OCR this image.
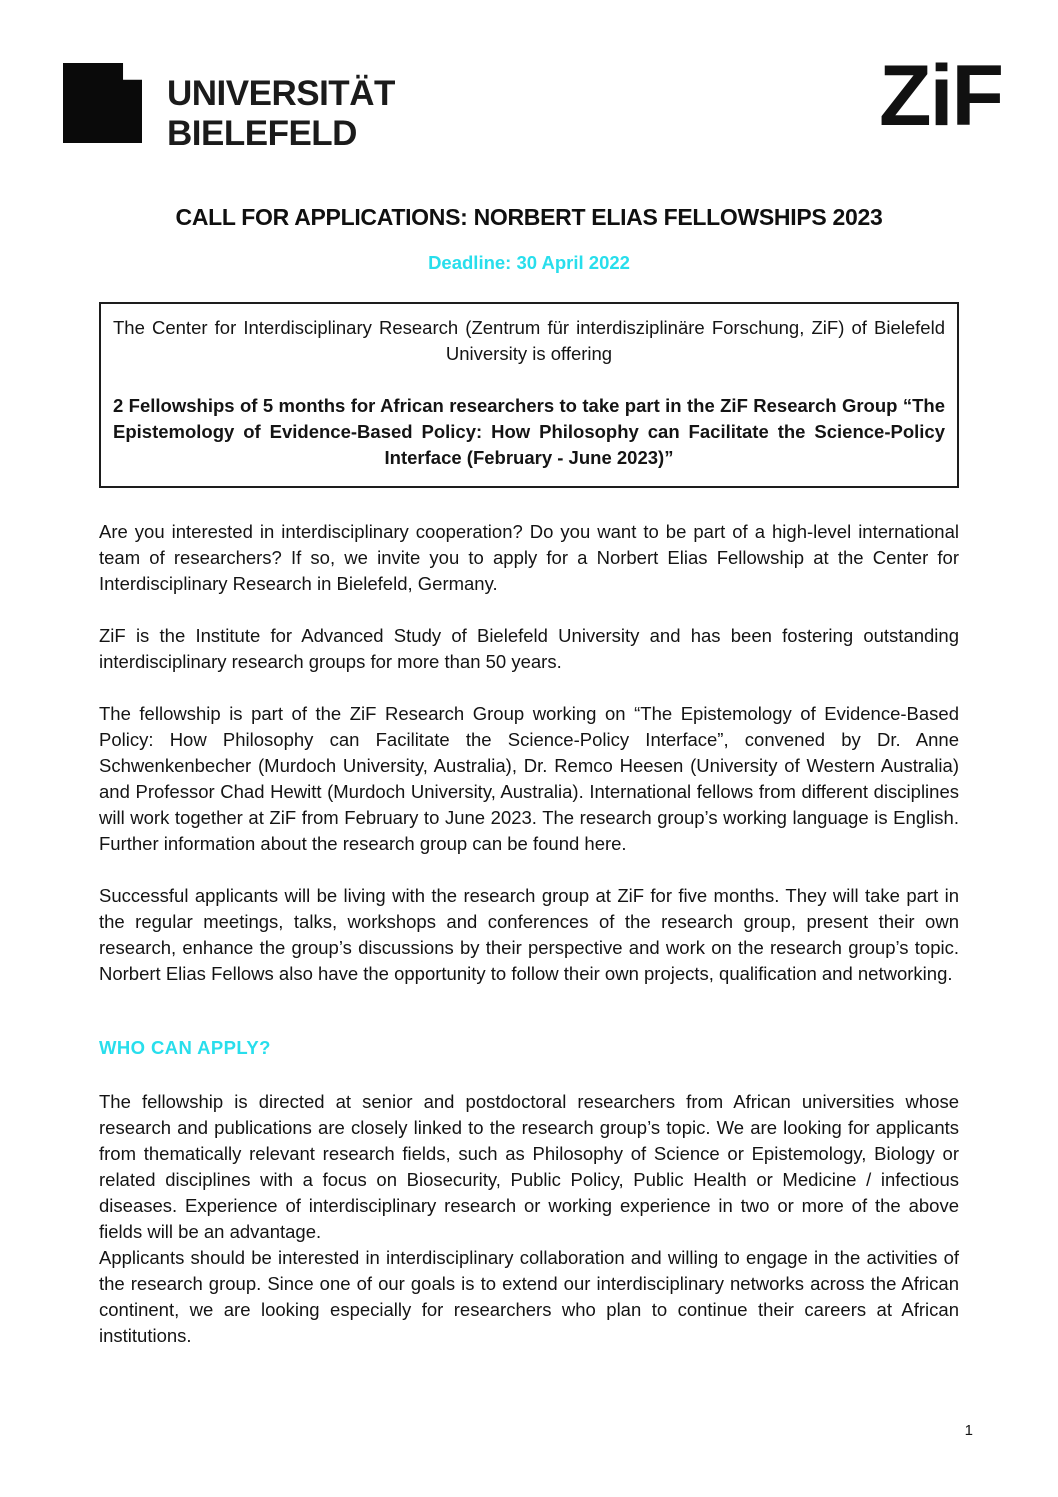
UNIVERSITÄT
BIELEFELD	ZiF
CALL FOR APPLICATIONS: NORBERT ELIAS FELLOWSHIPS 2023
Deadline: 30 April 2022
The Center for Interdisciplinary Research (Zentrum für interdisziplinäre Forschung, ZiF) of Bielefeld University is offering
2 Fellowships of 5 months for African researchers to take part in the ZiF Research Group “The Epistemology of Evidence-Based Policy: How Philosophy can Facilitate the Science-Policy Interface (February - June 2023)”

Are you interested in interdisciplinary cooperation? Do you want to be part of a high-level international team of researchers? If so, we invite you to apply for a Norbert Elias Fellowship at the Center for Interdisciplinary Research in Bielefeld, Germany.

ZiF is the Institute for Advanced Study of Bielefeld University and has been fostering outstanding interdisciplinary research groups for more than 50 years.

The fellowship is part of the ZiF Research Group working on “The Epistemology of Evidence-Based Policy: How Philosophy can Facilitate the Science-Policy Interface”, convened by Dr. Anne Schwenkenbecher (Murdoch University, Australia), Dr. Remco Heesen (University of Western Australia) and Professor Chad Hewitt (Murdoch University, Australia). International fellows from different disciplines will work together at ZiF from February to June 2023. The research group’s working language is English. Further information about the research group can be found here.

Successful applicants will be living with the research group at ZiF for five months. They will take part in the regular meetings, talks, workshops and conferences of the research group, present their own research, enhance the group’s discussions by their perspective and work on the research group’s topic. Norbert Elias Fellows also have the opportunity to follow their own projects, qualification and networking.

WHO CAN APPLY?

The fellowship is directed at senior and postdoctoral researchers from African universities whose research and publications are closely linked to the research group’s topic. We are looking for applicants from thematically relevant research fields, such as Philosophy of Science or Epistemology, Biology or related disciplines with a focus on Biosecurity, Public Policy, Public Health or Medicine / infectious diseases. Experience of interdisciplinary research or working experience in two or more of the above fields will be an advantage.

Applicants should be interested in interdisciplinary collaboration and willing to engage in the activities of the research group. Since one of our goals is to extend our interdisciplinary networks across the African continent, we are looking especially for researchers who plan to continue their careers at African institutions.

1
